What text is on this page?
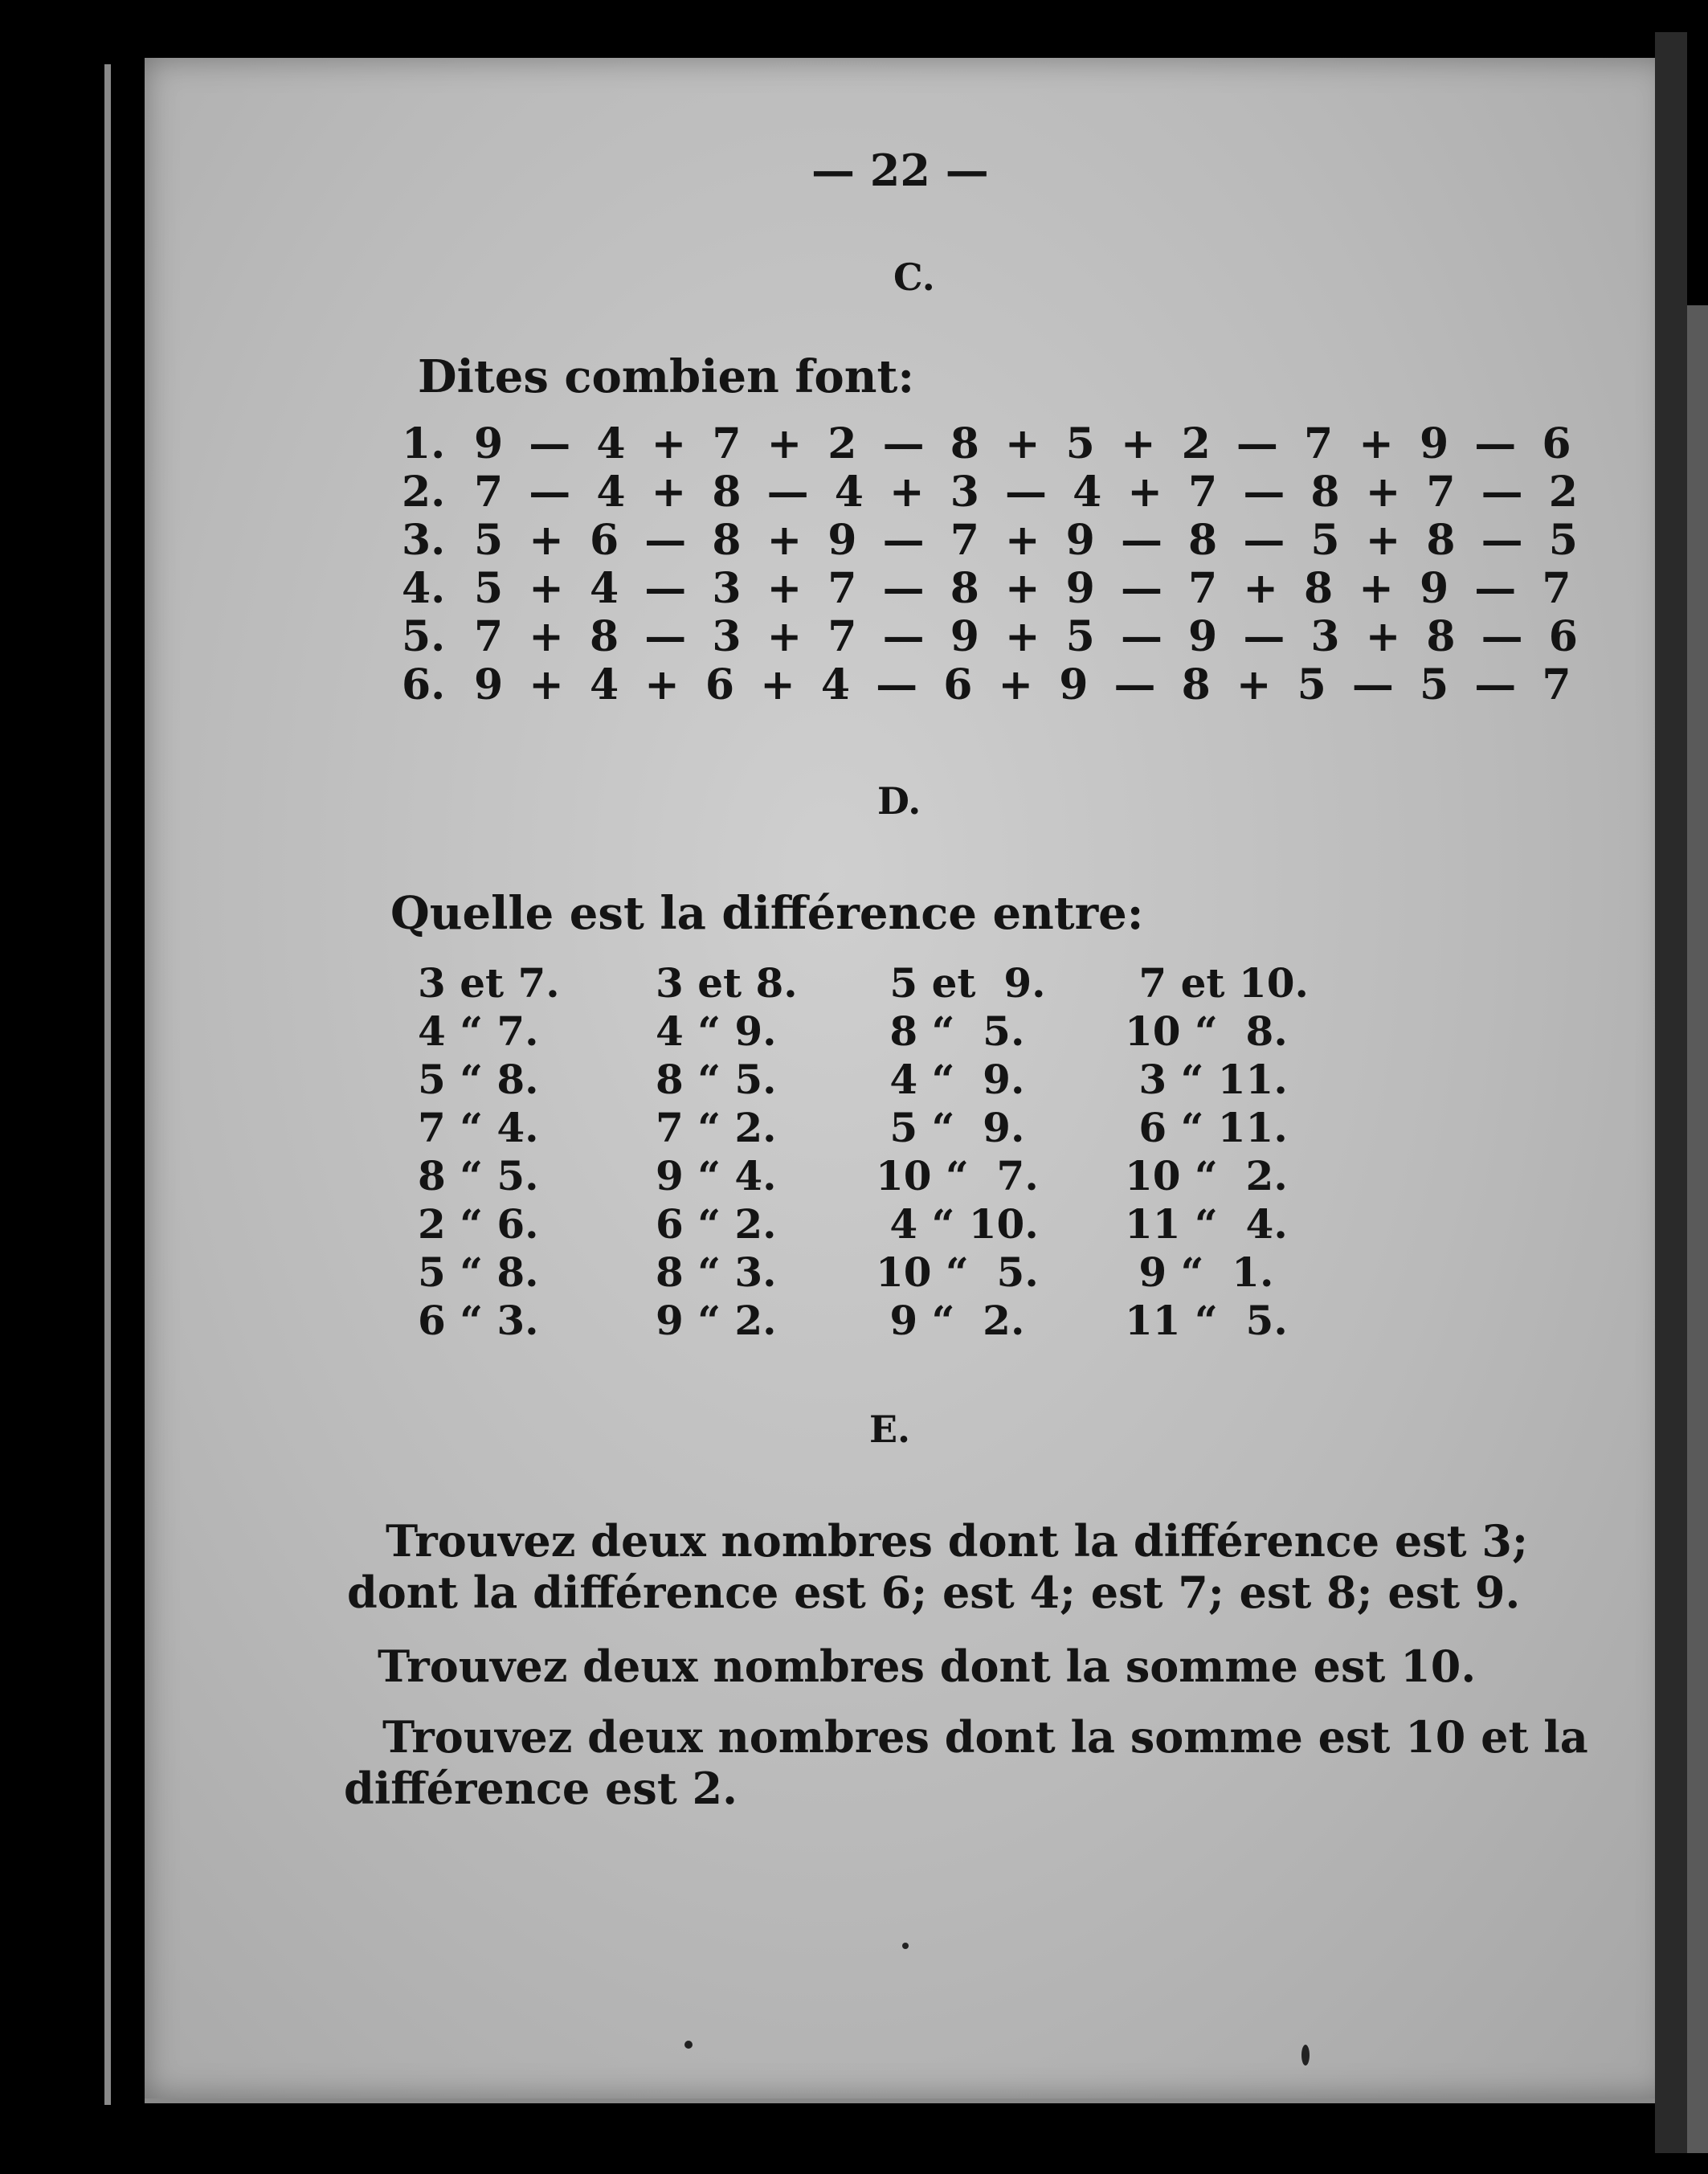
— 22 —
C.
Dites combien font:
1. 9 — 4 + 7 + 2 — 8 + 5 + 2 — 7 + 9 — 6
2. 7 — 4 + 8 — 4 + 3 — 4 + 7 — 8 + 7 — 2
3. 5 + 6 — 8 + 9 — 7 + 9 — 8 — 5 + 8 — 5
4. 5 + 4 — 3 + 7 — 8 + 9 — 7 + 8 + 9 — 7
5. 7 + 8 — 3 + 7 — 9 + 5 — 9 — 3 + 8 — 6
6. 9 + 4 + 6 + 4 — 6 + 9 — 8 + 5 — 5 — 7
D.
Quelle est la différence entre:
3 et 7.
4 “ 7.
5 “ 8.
7 “ 4.
8 “ 5.
2 “ 6.
5 “ 8.
6 “ 3.
3 et 8.
4 “ 9.
8 “ 5.
7 “ 2.
9 “ 4.
6 “ 2.
8 “ 3.
9 “ 2.
5 et  9.
8 “  5.
4 “  9.
5 “  9.
10 “  7.
4 “ 10.
10 “  5.
9 “  2.
7 et 10.
10 “  8.
3 “ 11.
6 “ 11.
10 “  2.
11 “  4.
9 “  1.
11 “  5.
E.
Trouvez deux nombres dont la différence est 3;
dont la différence est 6; est 4; est 7; est 8; est 9.
Trouvez deux nombres dont la somme est 10.
Trouvez deux nombres dont la somme est 10 et la
différence est 2.
